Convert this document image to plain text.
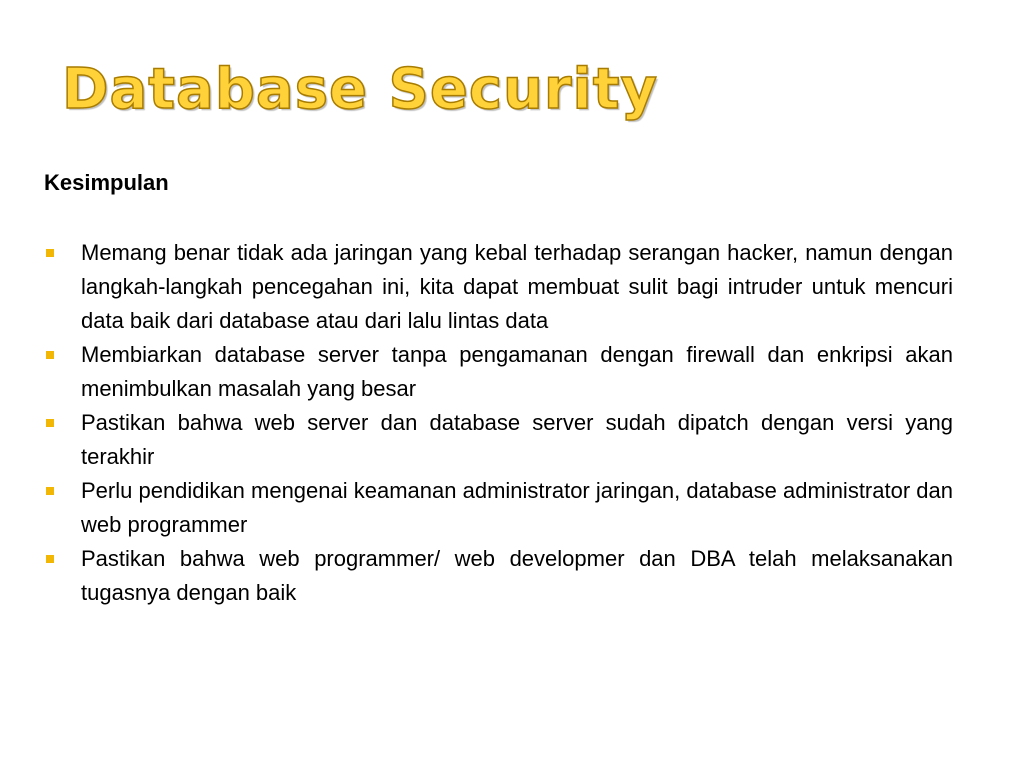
Database Security

Kesimpulan

Memang benar tidak ada jaringan yang kebal terhadap serangan hacker, namun dengan langkah-langkah pencegahan ini, kita dapat membuat sulit bagi intruder untuk mencuri data baik dari database atau dari lalu lintas data
Membiarkan database server tanpa pengamanan dengan firewall dan enkripsi akan menimbulkan masalah yang besar
Pastikan bahwa web server dan database server sudah dipatch dengan versi yang terakhir
Perlu pendidikan mengenai keamanan administrator jaringan, database administrator dan web programmer
Pastikan bahwa web programmer/ web developmer dan DBA telah melaksanakan tugasnya dengan baik
